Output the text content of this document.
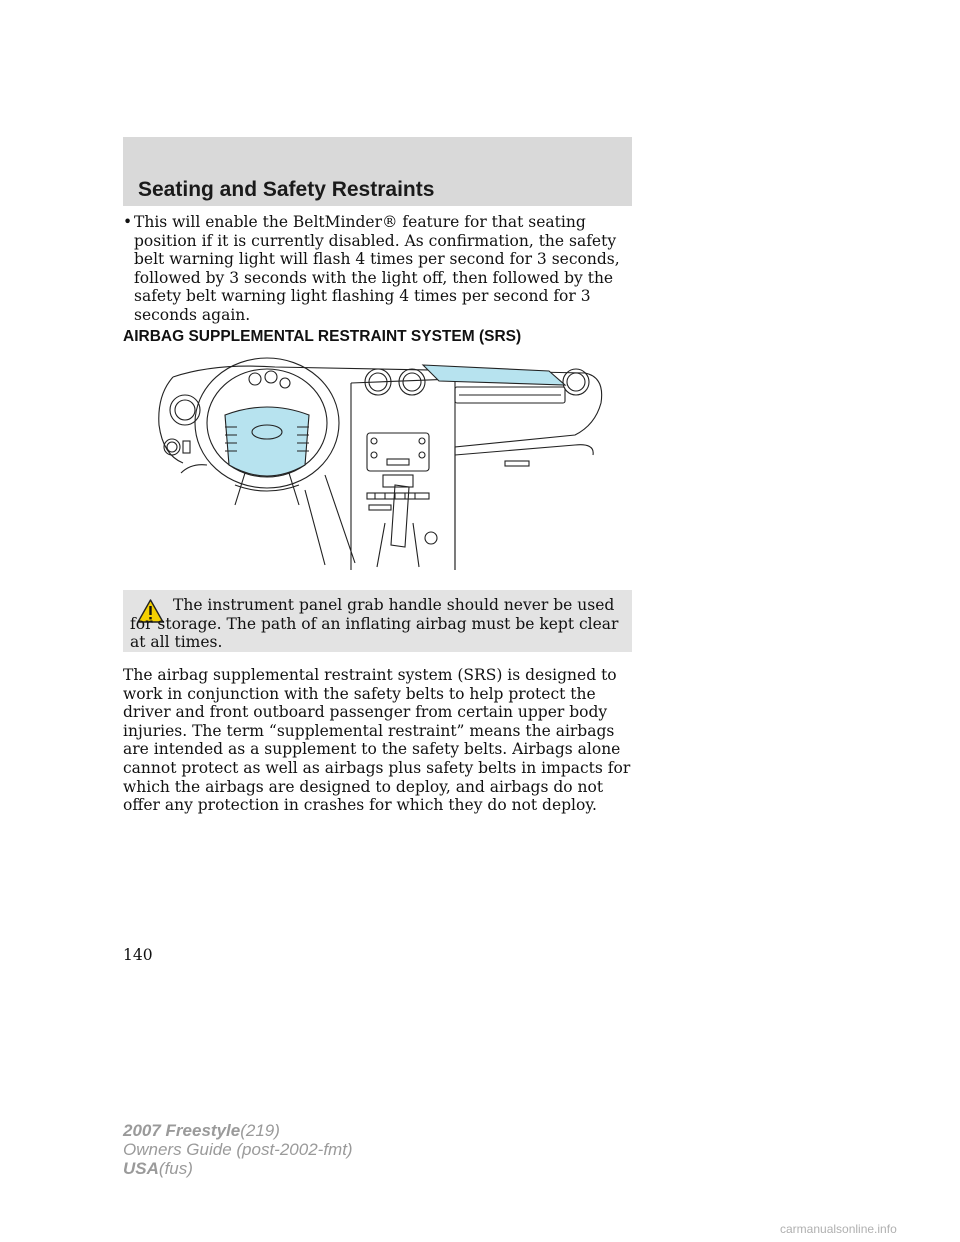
Seating and Safety Restraints
• This will enable the BeltMinder® feature for that seating position if it is currently disabled. As confirmation, the safety belt warning light will flash 4 times per second for 3 seconds, followed by 3 seconds with the light off, then followed by the safety belt warning light flashing 4 times per second for 3 seconds again.
AIRBAG SUPPLEMENTAL RESTRAINT SYSTEM (SRS)
The instrument panel grab handle should never be used for storage. The path of an inflating airbag must be kept clear at all times.
The airbag supplemental restraint system (SRS) is designed to work in conjunction with the safety belts to help protect the driver and front outboard passenger from certain upper body injuries. The term “supplemental restraint” means the airbags are intended as a supplement to the safety belts. Airbags alone cannot protect as well as airbags plus safety belts in impacts for which the airbags are designed to deploy, and airbags do not offer any protection in crashes for which they do not deploy.
140
2007 Freestyle(219)
Owners Guide (post-2002-fmt)
USA(fus)
carmanualsonline.info
